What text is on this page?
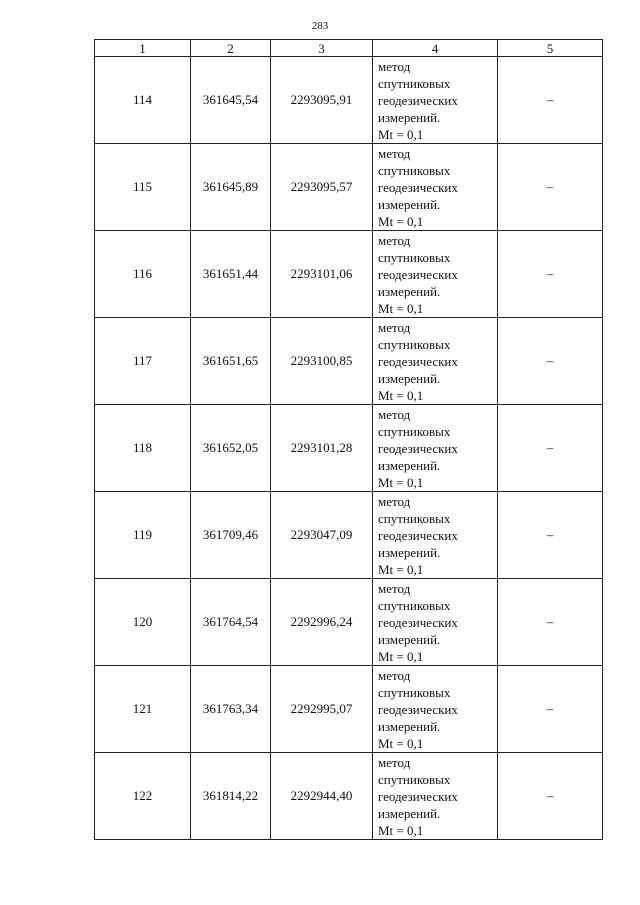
283
1	2	3	4	5
114	361645,54	2293095,91	метод
спутниковых
геодезических
измерений.
Mt = 0,1	–
115	361645,89	2293095,57	метод
спутниковых
геодезических
измерений.
Mt = 0,1	–
116	361651,44	2293101,06	метод
спутниковых
геодезических
измерений.
Mt = 0,1	–
117	361651,65	2293100,85	метод
спутниковых
геодезических
измерений.
Mt = 0,1	–
118	361652,05	2293101,28	метод
спутниковых
геодезических
измерений.
Mt = 0,1	–
119	361709,46	2293047,09	метод
спутниковых
геодезических
измерений.
Mt = 0,1	–
120	361764,54	2292996,24	метод
спутниковых
геодезических
измерений.
Mt = 0,1	–
121	361763,34	2292995,07	метод
спутниковых
геодезических
измерений.
Mt = 0,1	–
122	361814,22	2292944,40	метод
спутниковых
геодезических
измерений.
Mt = 0,1	–
